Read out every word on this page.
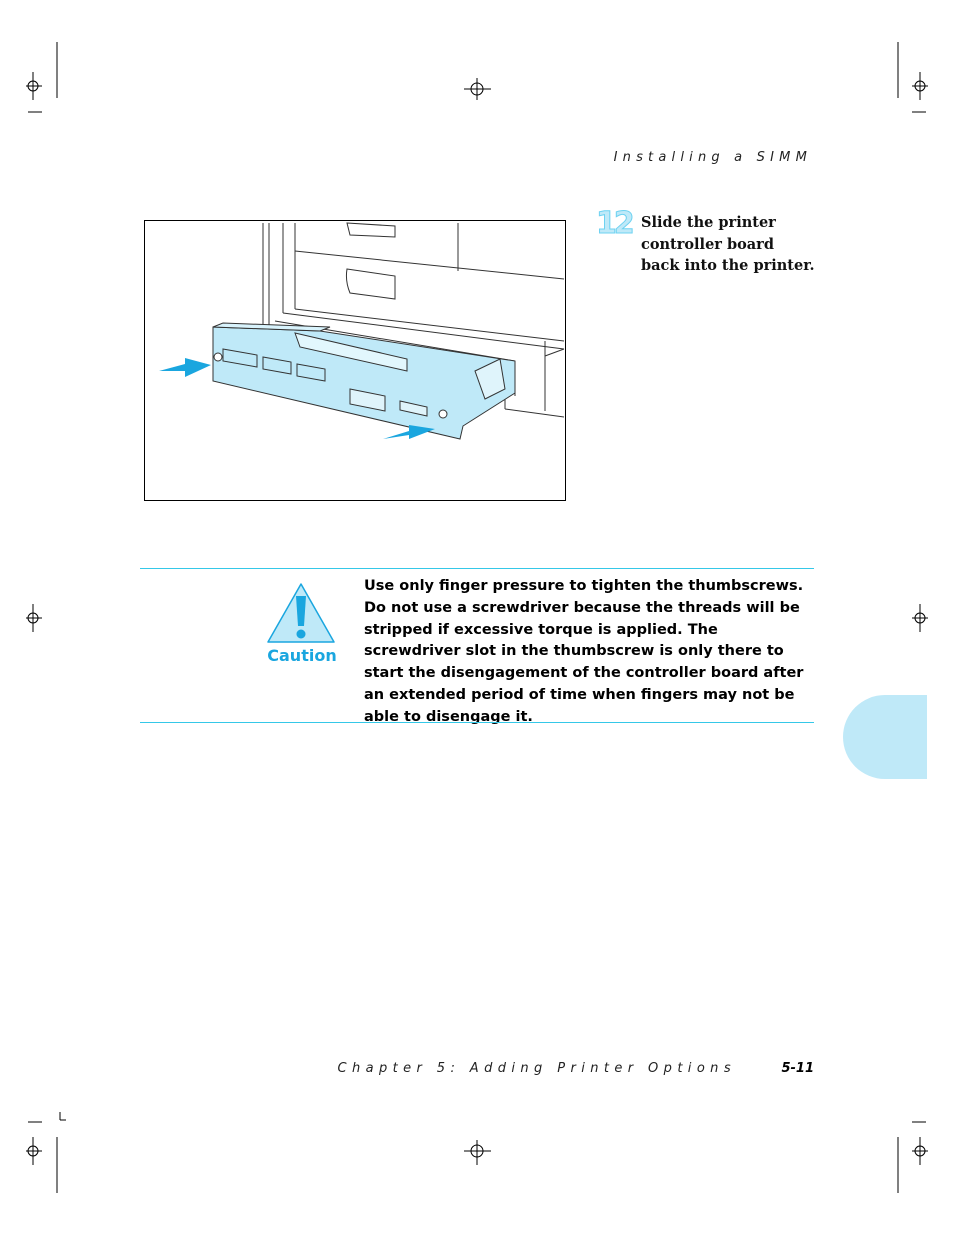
Installing a SIMM
12 Slide the printer controller board back into the printer.
Caution
Use only finger pressure to tighten the thumbscrews. Do not use a screwdriver because the threads will be stripped if excessive torque is applied. The screwdriver slot in the thumbscrew is only there to start the disengagement of the controller board after an extended period of time when fingers may not be able to disengage it.
Chapter 5: Adding Printer Options	5-11
